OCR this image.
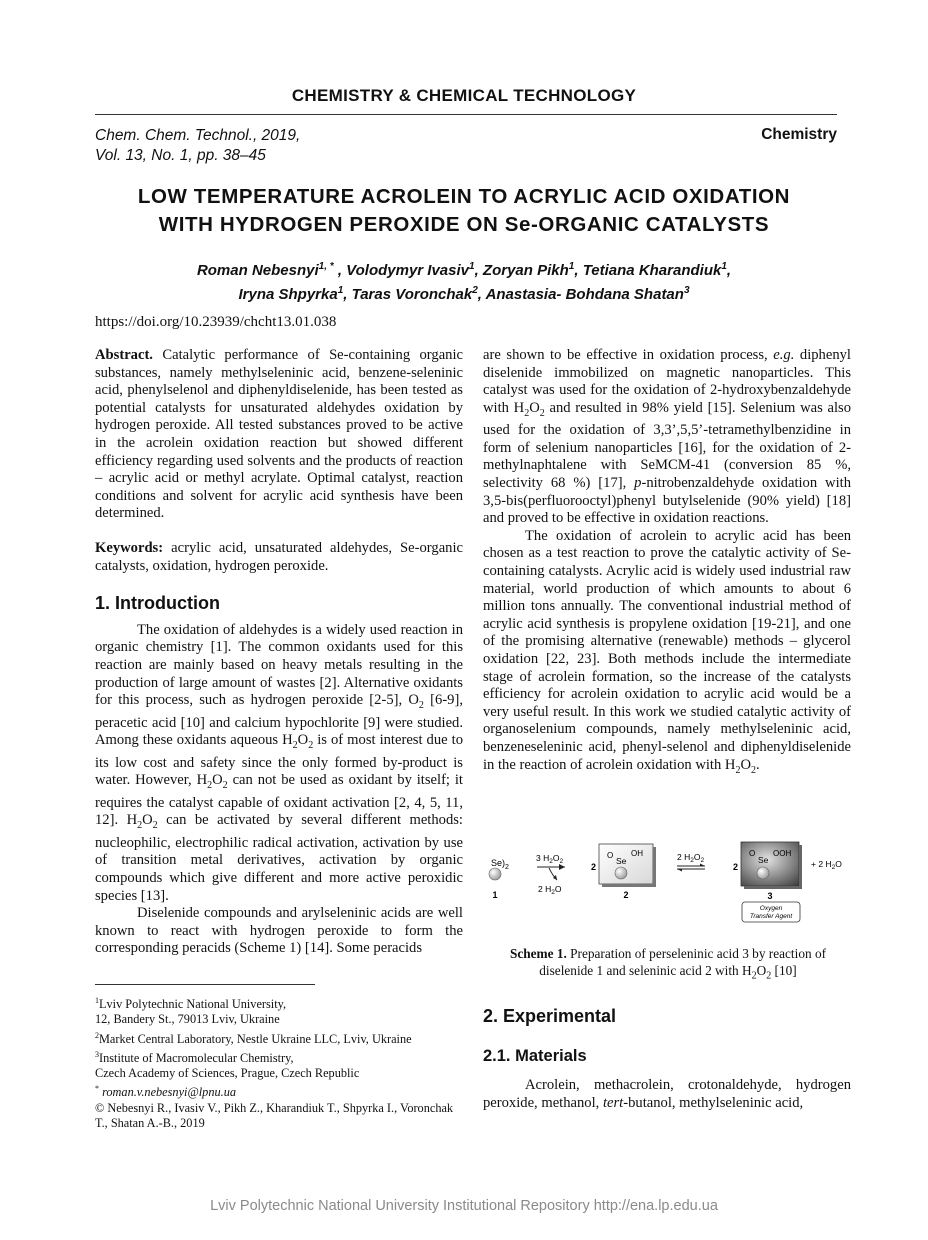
CHEMISTRY & CHEMICAL TECHNOLOGY
Chem. Chem. Technol., 2019,
Vol. 13, No. 1, pp. 38–45
Chemistry
LOW TEMPERATURE ACROLEIN TO ACRYLIC ACID OXIDATION
WITH HYDROGEN PEROXIDE ON Se-ORGANIC CATALYSTS
Roman Nebesnyi$^{1, *}$ , Volodymyr Ivasiv$^1$, Zoryan Pikh$^1$, Tetiana Kharandiuk$^1$,
Iryna Shpyrka$^1$, Taras Voronchak$^2$, Anastasia- Bohdana Shatan$^3$
https://doi.org/10.23939/chcht13.01.038

Abstract. Catalytic performance of Se-containing organic substances, namely methylseleninic acid, benzene-seleninic acid, phenylselenol and diphenyldiselenide, has been tested as potential catalysts for unsaturated aldehydes oxidation by hydrogen peroxide. All tested substances proved to be active in the acrolein oxidation reaction but showed different efficiency regarding used solvents and the products of reaction – acrylic acid or methyl acrylate. Optimal catalyst, reaction conditions and solvent for acrylic acid synthesis have been determined.

Keywords: acrylic acid, unsaturated aldehydes, Se-organic catalysts, oxidation, hydrogen peroxide.

1. Introduction

The oxidation of aldehydes is a widely used reaction in organic chemistry [1]. The common oxidants used for this reaction are mainly based on heavy metals resulting in the production of large amount of wastes [2]. Alternative oxidants for this process, such as hydrogen peroxide [2-5], $O_2$ [6-9], peracetic acid [10] and calcium hypochlorite [9] were studied. Among these oxidants aqueous $H_2O_2$ is of most interest due to its low cost and safety since the only formed by-product is water. However, $H_2O_2$ can not be used as oxidant by itself; it requires the catalyst capable of oxidant activation [2, 4, 5, 11, 12]. $H_2O_2$ can be activated by several different methods: nucleophilic, electrophilic radical activation, activation by use of transition metal derivatives, activation by organic compounds which give different and more active peroxidic species [13].

Diselenide compounds and arylseleninic acids are well known to react with hydrogen peroxide to form the corresponding peracids (Scheme 1) [14]. Some peracids

$^1$Lviv Polytechnic National University,

12, Bandery St., 79013 Lviv, Ukraine

$^2$Market Central Laboratory, Nestle Ukraine LLC, Lviv, Ukraine

$^3$Institute of Macromolecular Chemistry,

Czech Academy of Sciences, Prague, Czech Republic

* roman.v.nebesnyi@lpnu.ua

© Nebesnyi R., Ivasiv V., Pikh Z., Kharandiuk T., Shpyrka I., Voronchak T., Shatan A.-B., 2019

are shown to be effective in oxidation process, e.g. diphenyl diselenide immobilized on magnetic nanoparticles. This catalyst was used for the oxidation of 2-hydroxybenzaldehyde with $H_2O_2$ and resulted in 98% yield [15]. Selenium was also used for the oxidation of 3,3’,5,5’-tetramethylbenzidine in form of selenium nanoparticles [16], for the oxidation of 2-methylnaphtalene with SeMCM-41 (conversion 85 %, selectivity 68 %) [17], p-nitrobenzaldehyde oxidation with 3,5-bis(perfluorooctyl)phenyl butylselenide (90% yield) [18] and proved to be effective in oxidation reactions.

The oxidation of acrolein to acrylic acid has been chosen as a test reaction to prove the catalytic activity of Se-containing catalysts. Acrylic acid is widely used industrial raw material, world production of which amounts to about 6 million tons annually. The conventional industrial method of acrylic acid synthesis is propylene oxidation [19-21], and one of the promising alternative (renewable) methods – glycerol oxidation [22, 23]. Both methods include the intermediate stage of acrolein formation, so the increase of the catalysts efficiency for acrolein oxidation to acrylic acid would be a very useful result. In this work we studied catalytic activity of organoselenium compounds, namely methylseleninic acid, benzeneseleninic acid, phenyl-selenol and diphenyldiselenide in the reaction of acrolein oxidation with $H_2O_2$.

$Se)_2$
1
3 $H_2O_2$
2 $H_2O$
2
O
Se
OH
2
2 $H_2O_2$
2
O
Se
OOH
+ 2 $H_2O$
3
Oxygen
Transfer Agent
Scheme 1. Preparation of perseleninic acid 3 by reaction of diselenide 1 and seleninic acid 2 with $H_2O_2$ [10]
2. Experimental
2.1. Materials

Acrolein, methacrolein, crotonaldehyde, hydrogen peroxide, methanol, tert-butanol, methylseleninic acid,

Lviv Polytechnic National University Institutional Repository http://ena.lp.edu.ua
